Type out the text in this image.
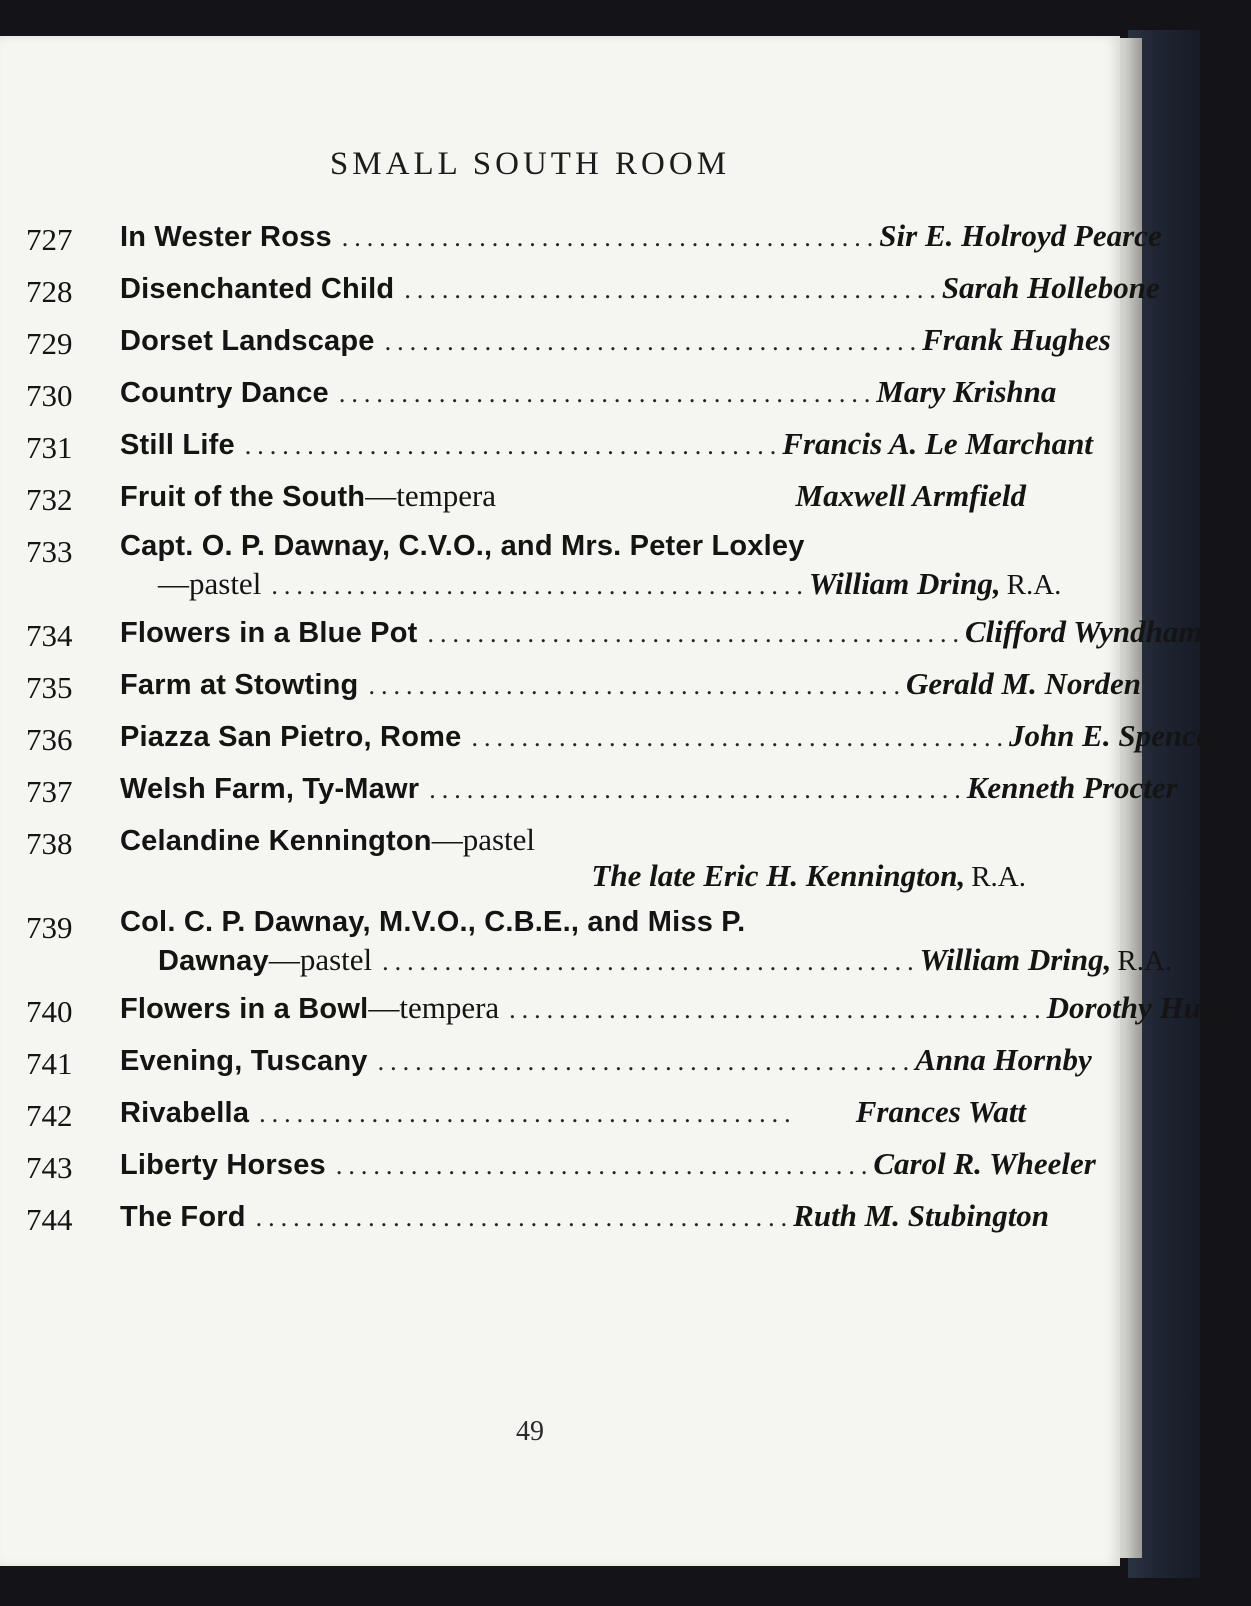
SMALL SOUTH ROOM
727	In Wester Ross ........................................... Sir E. Holroyd Pearce
728	Disenchanted Child ........................................... Sarah Hollebone
729	Dorset Landscape ........................................... Frank Hughes
730	Country Dance ........................................... Mary Krishna
731	Still Life ........................................... Francis A. Le Marchant
732	Fruit of the South —tempera	Maxwell Armfield
733	Capt. O. P. Dawnay, C.V.O., and Mrs. Peter Loxley
—pastel ........................................... William Dring, R.A.
734	Flowers in a Blue Pot ........................................... Clifford Wyndham
735	Farm at Stowting ........................................... Gerald M. Norden
736	Piazza San Pietro, Rome ........................................... John E. Spencer
737	Welsh Farm, Ty-Mawr ........................................... Kenneth Procter
738	Celandine Kennington —pastel
The late Eric H. Kennington, R.A.
739	Col. C. P. Dawnay, M.V.O., C.B.E., and Miss P.
Dawnay —pastel ........................................... William Dring, R.A.
740	Flowers in a Bowl —tempera ........................................... Dorothy Hutton
741	Evening, Tuscany ........................................... Anna Hornby
742	Rivabella ...........................................	Frances Watt
743	Liberty Horses ........................................... Carol R. Wheeler
744	The Ford ........................................... Ruth M. Stubington
49
